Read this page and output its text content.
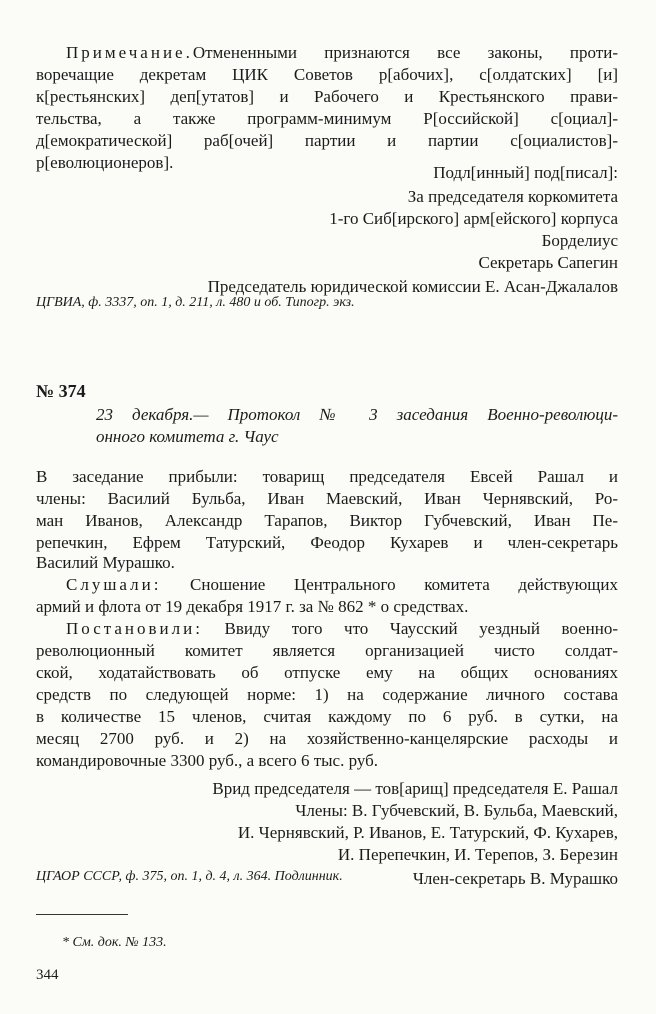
Примечание.Отмененными признаются все законы, проти-
воречащие декретам ЦИК Советов р[абочих], с[олдатских] [и]
к[рестьянских] деп[утатов] и Рабочего и Крестьянского прави-
тельства, а также программ-минимум Р[оссийской] с[оциал]-
д[емократической] раб[очей] партии и партии с[оциалистов]-
р[еволюционеров].
Подл[инный] под[писал]:
За председателя коркомитета
1-го Сиб[ирского] арм[ейского] корпуса
Борделиус
Секретарь Сапегин
Председатель юридической комиссии Е. Асан-Джалалов
ЦГВИА, ф. 3337, оп. 1, д. 211, л. 480 и об. Типогр. экз.
№ 374
23 декабря.— Протокол № 3 заседания Военно-революци-
онного комитета г. Чаус
В заседание прибыли: товарищ председателя Евсей Рашал и
члены: Василий Бульба, Иван Маевский, Иван Чернявский, Ро-
ман Иванов, Александр Тарапов, Виктор Губчевский, Иван Пе-
репечкин, Ефрем Татурский, Феодор Кухарев и член-секретарь
Василий Мурашко.
Слушали: Сношение Центрального комитета действующих
армий и флота от 19 декабря 1917 г. за № 862 * о средствах.
Постановили: Ввиду того что Чаусский уездный военно-
революционный комитет является организацией чисто солдат-
ской, ходатайствовать об отпуске ему на общих основаниях
средств по следующей норме: 1) на содержание личного состава
в количестве 15 членов, считая каждому по 6 руб. в сутки, на
месяц 2700 руб. и 2) на хозяйственно-канцелярские расходы и
командировочные 3300 руб., а всего 6 тыс. руб.
Врид председателя — тов[арищ] председателя Е. Рашал
Члены: В. Губчевский, В. Бульба, Маевский,
И. Чернявский, Р. Иванов, Е. Татурский, Ф. Кухарев,
И. Перепечкин, И. Терепов, З. Березин
Член-секретарь В. Мурашко
ЦГАОР СССР, ф. 375, оп. 1, д. 4, л. 364. Подлинник.
* См. док. № 133.
344
